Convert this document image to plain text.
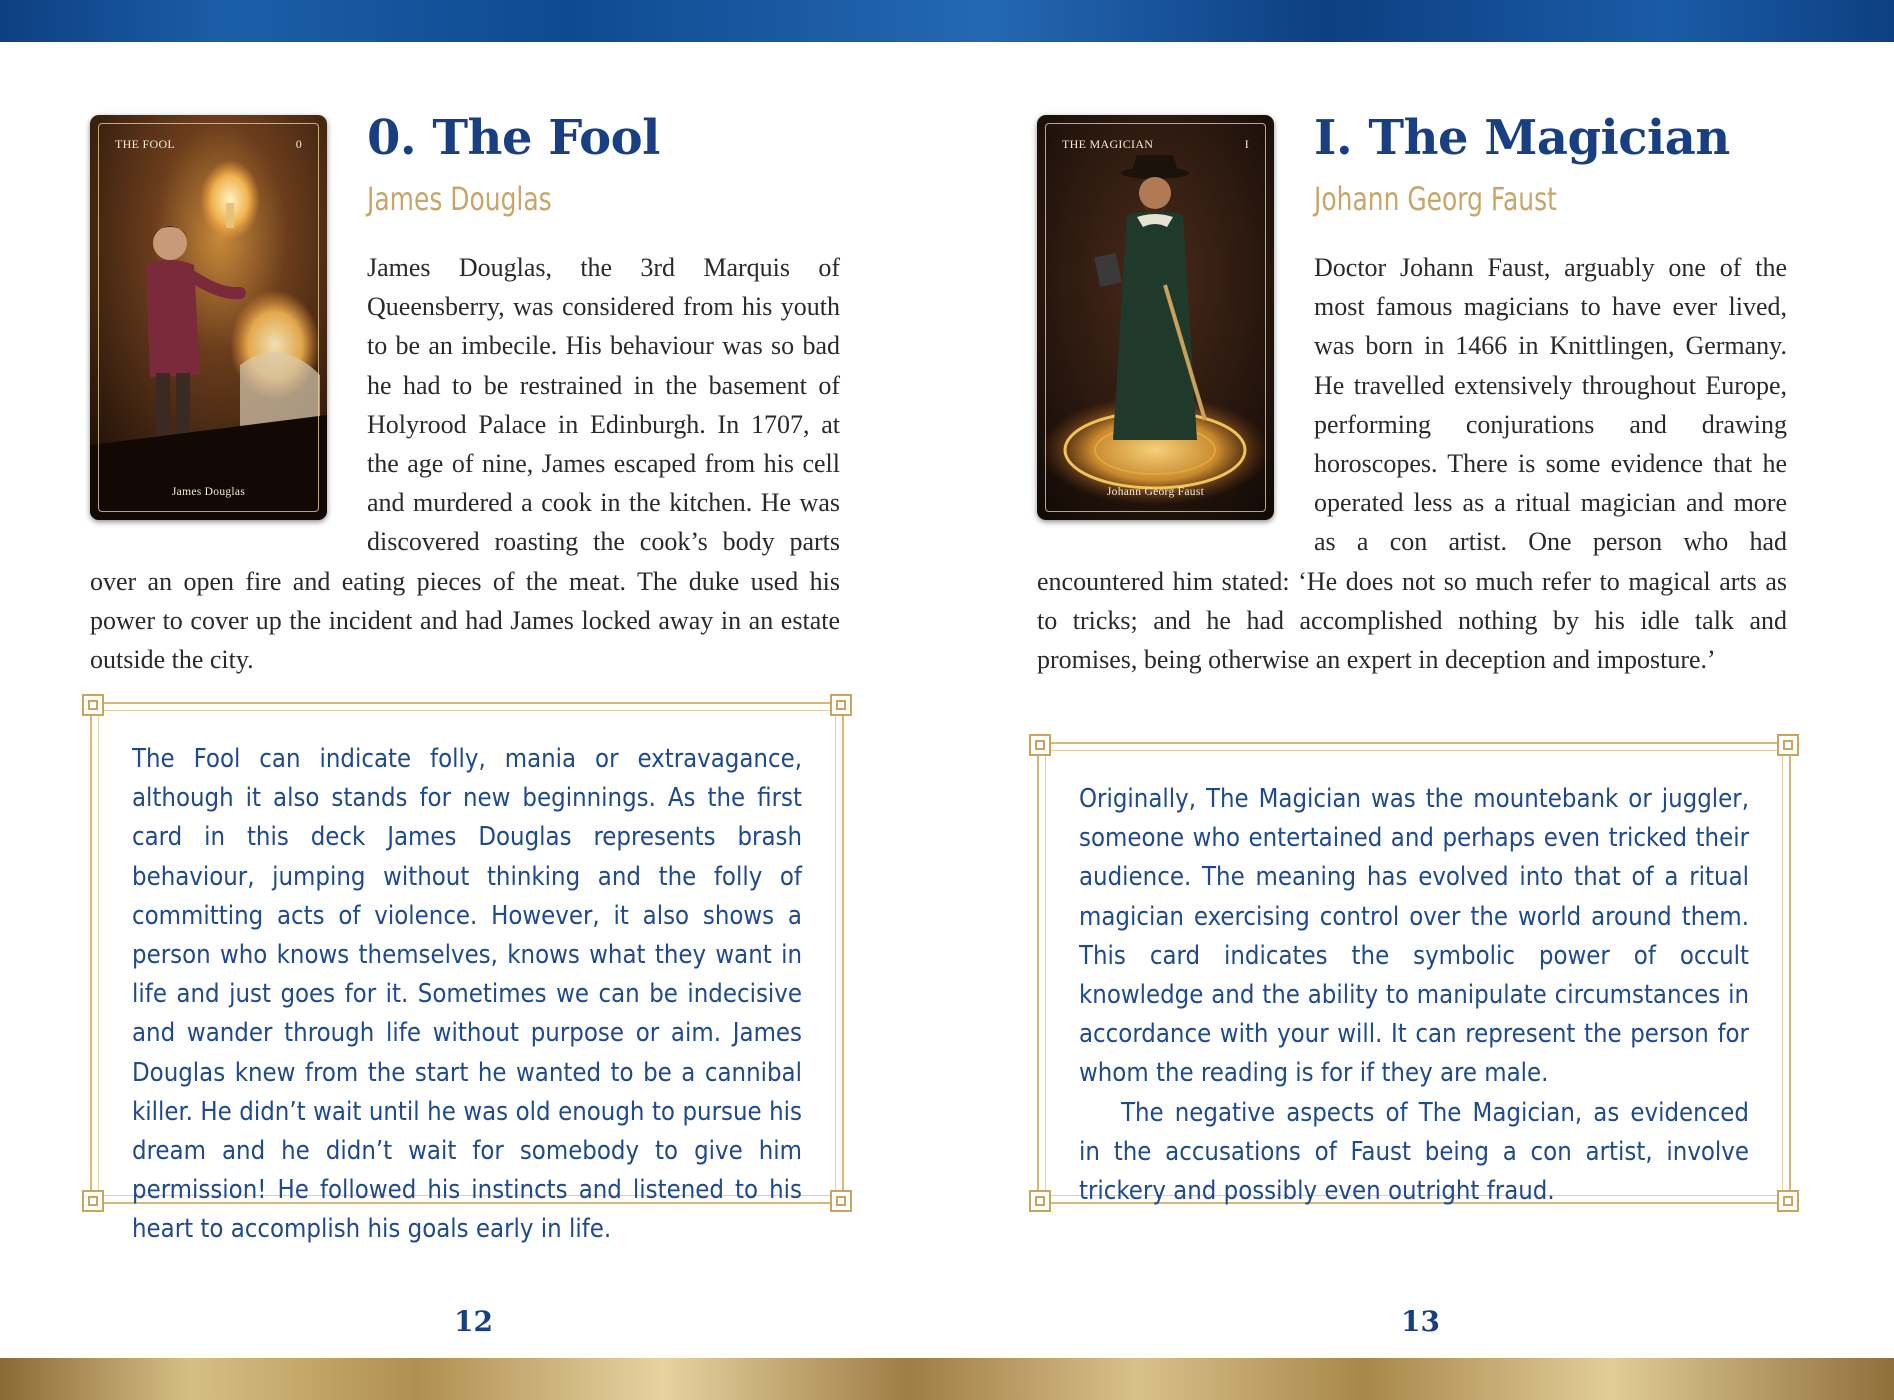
THE FOOL	0
James Douglas
0. The Fool
James Douglas

James Douglas, the 3rd Marquis of Queensberry, was considered from his youth to be an imbecile. His behaviour was so bad he had to be restrained in the basement of Holyrood Palace in Edinburgh. In 1707, at the age of nine, James escaped from his cell and murdered a cook in the kitchen. He was discovered roasting the cook’s body parts over an open fire and eating pieces of the meat. The duke used his power to cover up the incident and had James locked away in an estate outside the city.

The Fool can indicate folly, mania or extravagance, although it also stands for new beginnings. As the first card in this deck James Douglas represents brash behaviour, jumping without thinking and the folly of committing acts of violence. However, it also shows a person who knows themselves, knows what they want in life and just goes for it. Sometimes we can be indecisive and wander through life without purpose or aim. James Douglas knew from the start he wanted to be a cannibal killer. He didn’t wait until he was old enough to pursue his dream and he didn’t wait for somebody to give him permission! He followed his instincts and listened to his heart to accomplish his goals early in life.

12
THE MAGICIAN	I
Johann Georg Faust
I. The Magician
Johann Georg Faust

Doctor Johann Faust, arguably one of the most famous magicians to have ever lived, was born in 1466 in Knittlingen, Germany. He travelled extensively throughout Europe, performing conjurations and drawing horoscopes. There is some evidence that he operated less as a ritual magician and more as a con artist. One person who had encountered him stated: ‘He does not so much refer to magical arts as to tricks; and he had accomplished nothing by his idle talk and promises, being otherwise an expert in deception and imposture.’

Originally, The Magician was the mountebank or juggler, someone who entertained and perhaps even tricked their audience. The meaning has evolved into that of a ritual magician exercising control over the world around them. This card indicates the symbolic power of occult knowledge and the ability to manipulate circumstances in accordance with your will. It can represent the person for whom the reading is for if they are male.

The negative aspects of The Magician, as evidenced in the accusations of Faust being a con artist, involve trickery and possibly even outright fraud.

13
